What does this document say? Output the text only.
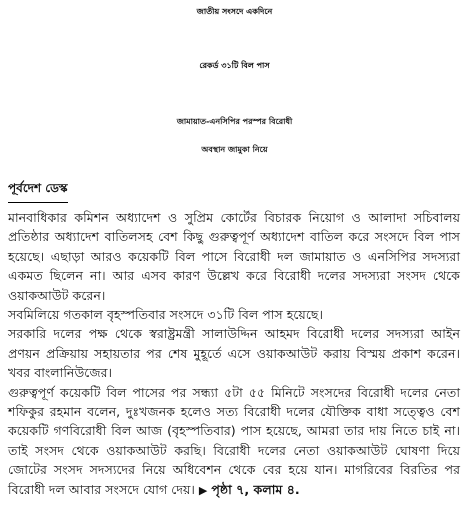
জাতীয় সংসদে একদিনে
রেকর্ড ৩১টি বিল পাস
জামায়াত-এনসিপির পরস্পর বিরোধী
অবস্থান জামুকা নিয়ে
পূর্বদেশ ডেস্ক

মানবাধিকার কমিশন অধ্যাদেশ ও সুপ্রিম কোর্টের বিচারক নিয়োগ ও আলাদা সচিবালয় প্রতিষ্ঠার অধ্যাদেশ বাতিলসহ বেশ কিছু গুরুত্বপূর্ণ অধ্যাদেশ বাতিল করে সংসদে বিল পাস হয়েছে। এছাড়া আরও কয়েকটি বিল পাসে বিরোধী দল জামায়াত ও এনসিপির সদস্যরা একমত ছিলেন না। আর এসব কারণ উল্লেখ করে বিরোধী দলের সদস্যরা সংসদ থেকে ওয়াকআউট করেন।

সবমিলিয়ে গতকাল বৃহস্পতিবার সংসদে ৩১টি বিল পাস হয়েছে।

সরকারি দলের পক্ষ থেকে স্বরাষ্ট্রমন্ত্রী সালাউদ্দিন আহমদ বিরোধী দলের সদস্যরা আইন প্রণয়ন প্রক্রিয়ায় সহায়তার পর শেষ মুহূর্তে এসে ওয়াকআউট করায় বিস্ময় প্রকাশ করেন। খবর বাংলানিউজের।

গুরুত্বপূর্ণ কয়েকটি বিল পাসের পর সন্ধ্যা ৫টা ৫৫ মিনিটে সংসদের বিরোধী দলের নেতা শফিকুর রহমান বলেন, দুঃখজনক হলেও সত্য বিরোধী দলের যৌক্তিক বাধা সত্ত্বেও বেশ কয়েকটি গণবিরোধী বিল আজ (বৃহস্পতিবার) পাস হয়েছে, আমরা তার দায় নিতে চাই না। তাই সংসদ থেকে ওয়াকআউট করছি। বিরোধী দলের নেতা ওয়াকআউট ঘোষণা দিয়ে জোটের সংসদ সদস্যদের নিয়ে অধিবেশন থেকে বের হয়ে যান। মাগরিবের বিরতির পর বিরোধী দল আবার সংসদে যোগ দেয়। ▶ পৃষ্ঠা ৭, কলাম ৪.
